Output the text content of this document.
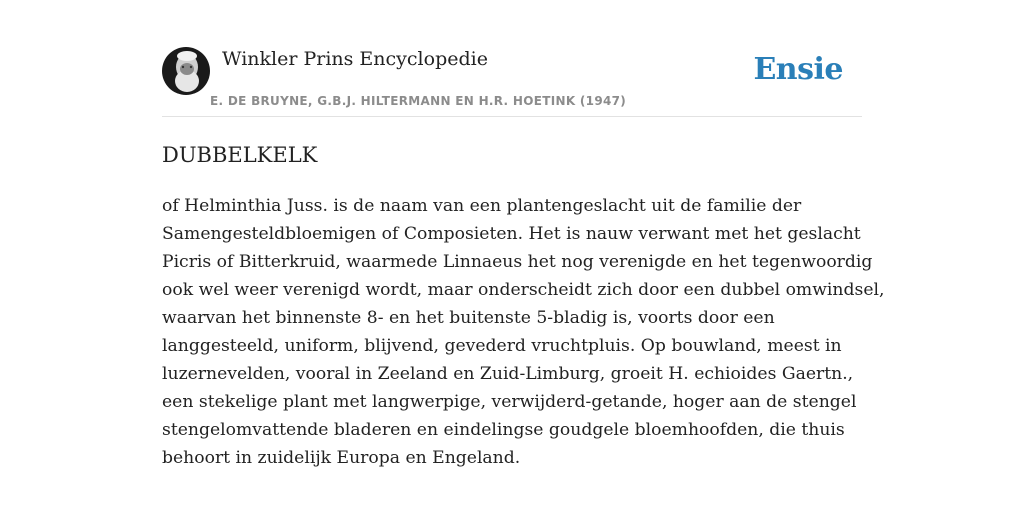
Winkler Prins Encyclopedie
E. DE BRUYNE, G.B.J. HILTERMANN EN H.R. HOETINK (1947)
Ensie
DUBBELKELK
of Helminthia Juss. is de naam van een plantengeslacht uit de familie der
Samengesteldbloemigen of Composieten. Het is nauw verwant met het geslacht
Picris of Bitterkruid, waarmede Linnaeus het nog verenigde en het tegenwoordig
ook wel weer verenigd wordt, maar onderscheidt zich door een dubbel omwindsel,
waarvan het binnenste 8- en het buitenste 5-bladig is, voorts door een
langgesteeld, uniform, blijvend, gevederd vruchtpluis. Op bouwland, meest in
luzernevelden, vooral in Zeeland en Zuid-Limburg, groeit H. echioides Gaertn.,
een stekelige plant met langwerpige, verwijderd-getande, hoger aan de stengel
stengelomvattende bladeren en eindelingse goudgele bloemhoofden, die thuis
behoort in zuidelijk Europa en Engeland.
